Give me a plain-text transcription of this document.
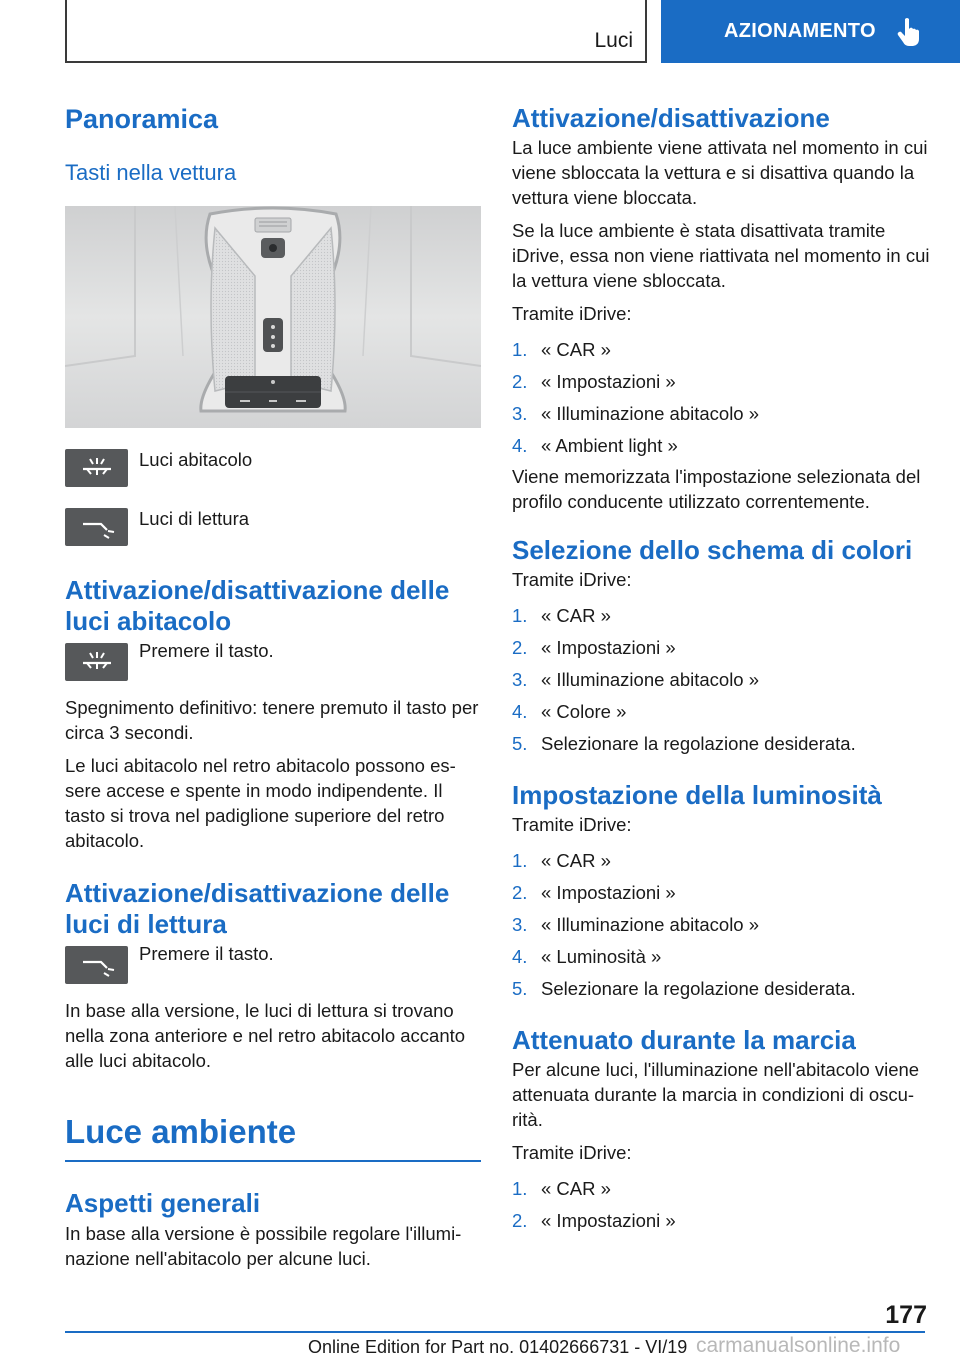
Luci	AZIONAMENTO
Panoramica
Tasti nella vettura
Luci abitacolo
Luci di lettura
Attivazione/disattivazione delle luci abitacolo
Premere il tasto.

Spegnimento definitivo: tenere premuto il tasto per circa 3 secondi.

Le luci abitacolo nel retro abitacolo possono es-sere accese e spente in modo indipendente. Il tasto si trova nel padiglione superiore del retro abitacolo.

Attivazione/disattivazione delle luci di lettura
Premere il tasto.

In base alla versione, le luci di lettura si trovano nella zona anteriore e nel retro abitacolo accanto alle luci abitacolo.

Luce ambiente
Aspetti generali

In base alla versione è possibile regolare l'illumi-nazione nell'abitacolo per alcune luci.

Attivazione/disattivazione

La luce ambiente viene attivata nel momento in cui viene sbloccata la vettura e si disattiva quando la vettura viene bloccata.

Se la luce ambiente è stata disattivata tramite iDrive, essa non viene riattivata nel momento in cui la vettura viene sbloccata.

Tramite iDrive:

1. « CAR »
2. « Impostazioni »
3. « Illuminazione abitacolo »
4. « Ambient light »

Viene memorizzata l'impostazione selezionata del profilo conducente utilizzato correntemente.

Selezione dello schema di colori

Tramite iDrive:

1. « CAR »
2. « Impostazioni »
3. « Illuminazione abitacolo »
4. « Colore »
5. Selezionare la regolazione desiderata.
Impostazione della luminosità

Tramite iDrive:

1. « CAR »
2. « Impostazioni »
3. « Illuminazione abitacolo »
4. « Luminosità »
5. Selezionare la regolazione desiderata.
Attenuato durante la marcia

Per alcune luci, l'illuminazione nell'abitacolo viene attenuata durante la marcia in condizioni di oscu-rità.

Tramite iDrive:

1. « CAR »
2. « Impostazioni »
177
Online Edition for Part no. 01402666731 - VI/19 carmanualsonline.info
